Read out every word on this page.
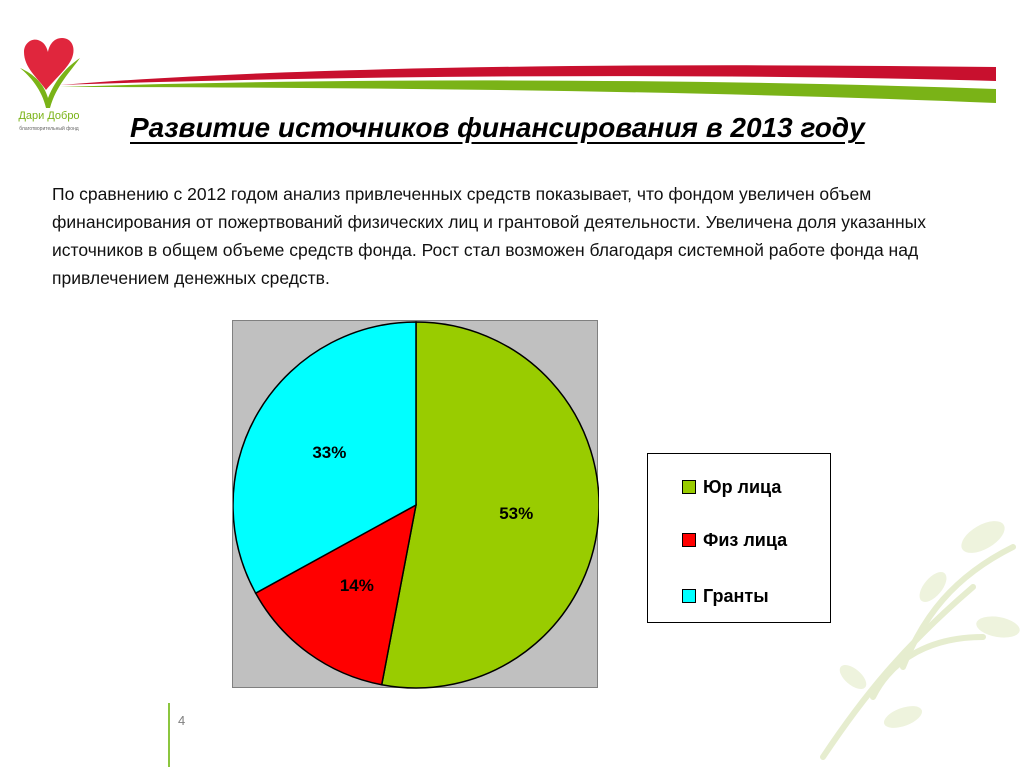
Дари Добро
благотворительный фонд	Развитие источников финансирования в 2013 году
По сравнению с 2012 годом анализ привлеченных средств показывает, что фондом увеличен объем финансирования от пожертвований физических лиц и грантовой деятельности. Увеличена доля указанных источников в общем объеме средств фонда. Рост стал возможен благодаря системной работе фонда над привлечением денежных средств.
53%
14%
33%
Юр лица
Физ лица
Гранты
4
